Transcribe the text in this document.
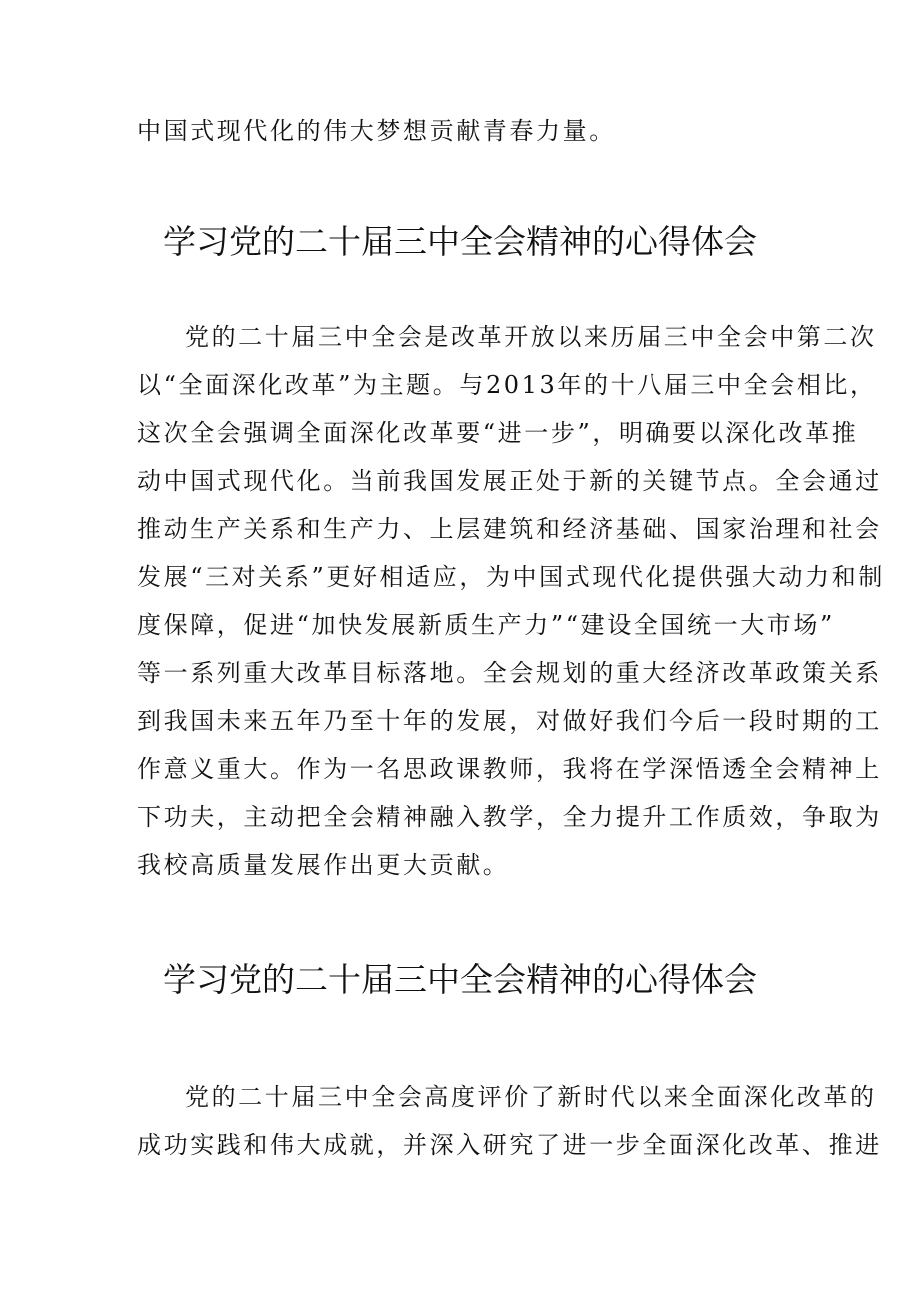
中国式现代化的伟大梦想贡献青春力量。
学习党的二十届三中全会精神的心得体会
党的二十届三中全会是改革开放以来历届三中全会中第二次
以“全面深化改革”为主题。与2013年的十八届三中全会相比，
这次全会强调全面深化改革要“进一步”，明确要以深化改革推
动中国式现代化。当前我国发展正处于新的关键节点。全会通过
推动生产关系和生产力、上层建筑和经济基础、国家治理和社会
发展“三对关系”更好相适应，为中国式现代化提供强大动力和制
度保障，促进“加快发展新质生产力”“建设全国统一大市场”
等一系列重大改革目标落地。全会规划的重大经济改革政策关系
到我国未来五年乃至十年的发展，对做好我们今后一段时期的工
作意义重大。作为一名思政课教师，我将在学深悟透全会精神上
下功夫，主动把全会精神融入教学，全力提升工作质效，争取为
我校高质量发展作出更大贡献。
学习党的二十届三中全会精神的心得体会
党的二十届三中全会高度评价了新时代以来全面深化改革的
成功实践和伟大成就，并深入研究了进一步全面深化改革、推进
